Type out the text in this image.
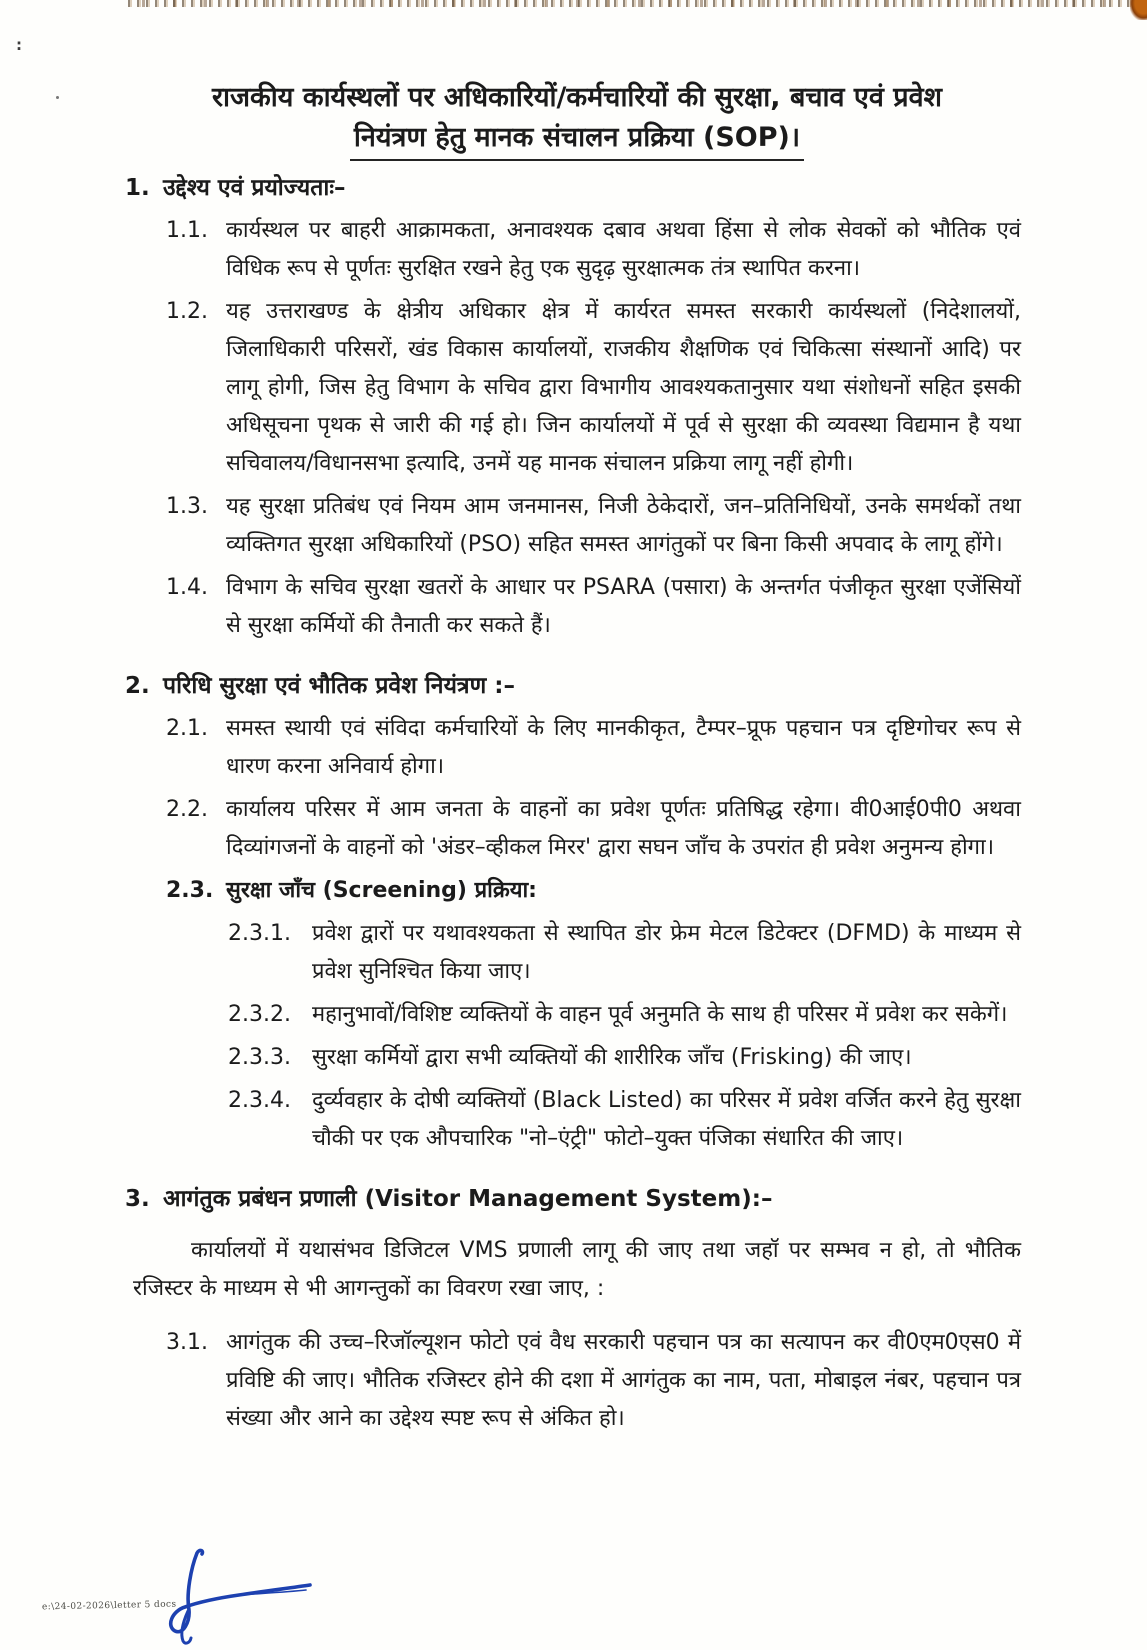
:
राजकीय कार्यस्थलों पर अधिकारियों/कर्मचारियों की सुरक्षा, बचाव एवं प्रवेश
नियंत्रण हेतु मानक संचालन प्रक्रिया (SOP)।
1. उद्देश्य एवं प्रयोज्यताः–
1.1. कार्यस्थल पर बाहरी आक्रामकता, अनावश्यक दबाव अथवा हिंसा से लोक सेवकों को भौतिक एवं विधिक रूप से पूर्णतः सुरक्षित रखने हेतु एक सुदृढ़ सुरक्षात्मक तंत्र स्थापित करना।
1.2. यह उत्तराखण्ड के क्षेत्रीय अधिकार क्षेत्र में कार्यरत समस्त सरकारी कार्यस्थलों (निदेशालयों, जिलाधिकारी परिसरों, खंड विकास कार्यालयों, राजकीय शैक्षणिक एवं चिकित्सा संस्थानों आदि) पर लागू होगी, जिस हेतु विभाग के सचिव द्वारा विभागीय आवश्यकतानुसार यथा संशोधनों सहित इसकी अधिसूचना पृथक से जारी की गई हो। जिन कार्यालयों में पूर्व से सुरक्षा की व्यवस्था विद्यमान है यथा सचिवालय/विधानसभा इत्यादि, उनमें यह मानक संचालन प्रक्रिया लागू नहीं होगी।
1.3. यह सुरक्षा प्रतिबंध एवं नियम आम जनमानस, निजी ठेकेदारों, जन–प्रतिनिधियों, उनके समर्थकों तथा व्यक्तिगत सुरक्षा अधिकारियों (PSO) सहित समस्त आगंतुकों पर बिना किसी अपवाद के लागू होंगे।
1.4. विभाग के सचिव सुरक्षा खतरों के आधार पर PSARA (पसारा) के अन्तर्गत पंजीकृत सुरक्षा एजेंसियों से सुरक्षा कर्मियों की तैनाती कर सकते हैं।
2. परिधि सुरक्षा एवं भौतिक प्रवेश नियंत्रण :–
2.1. समस्त स्थायी एवं संविदा कर्मचारियों के लिए मानकीकृत, टैम्पर–प्रूफ पहचान पत्र दृष्टिगोचर रूप से धारण करना अनिवार्य होगा।
2.2. कार्यालय परिसर में आम जनता के वाहनों का प्रवेश पूर्णतः प्रतिषिद्ध रहेगा। वी0आई0पी0 अथवा दिव्यांगजनों के वाहनों को 'अंडर–व्हीकल मिरर' द्वारा सघन जाँच के उपरांत ही प्रवेश अनुमन्य होगा।
2.3. सुरक्षा जाँच (Screening) प्रक्रिया:
2.3.1. प्रवेश द्वारों पर यथावश्यकता से स्थापित डोर फ्रेम मेटल डिटेक्टर (DFMD) के माध्यम से प्रवेश सुनिश्चित किया जाए।
2.3.2. महानुभावों/विशिष्ट व्यक्तियों के वाहन पूर्व अनुमति के साथ ही परिसर में प्रवेश कर सकेगें।
2.3.3. सुरक्षा कर्मियों द्वारा सभी व्यक्तियों की शारीरिक जाँच (Frisking) की जाए।
2.3.4. दुर्व्यवहार के दोषी व्यक्तियों (Black Listed) का परिसर में प्रवेश वर्जित करने हेतु सुरक्षा चौकी पर एक औपचारिक "नो–एंट्री" फोटो–युक्त पंजिका संधारित की जाए।
3. आगंतुक प्रबंधन प्रणाली (Visitor Management System):–

कार्यालयों में यथासंभव डिजिटल VMS प्रणाली लागू की जाए तथा जहॉ पर सम्भव न हो, तो भौतिक रजिस्टर के माध्यम से भी आगन्तुकों का विवरण रखा जाए, :

3.1. आगंतुक की उच्च–रिजॉल्यूशन फोटो एवं वैध सरकारी पहचान पत्र का सत्यापन कर वी0एम0एस0 में प्रविष्टि की जाए। भौतिक रजिस्टर होने की दशा में आगंतुक का नाम, पता, मोबाइल नंबर, पहचान पत्र संख्या और आने का उद्देश्य स्पष्ट रूप से अंकित हो।
e:\24-02-2026\letter 5 docs
